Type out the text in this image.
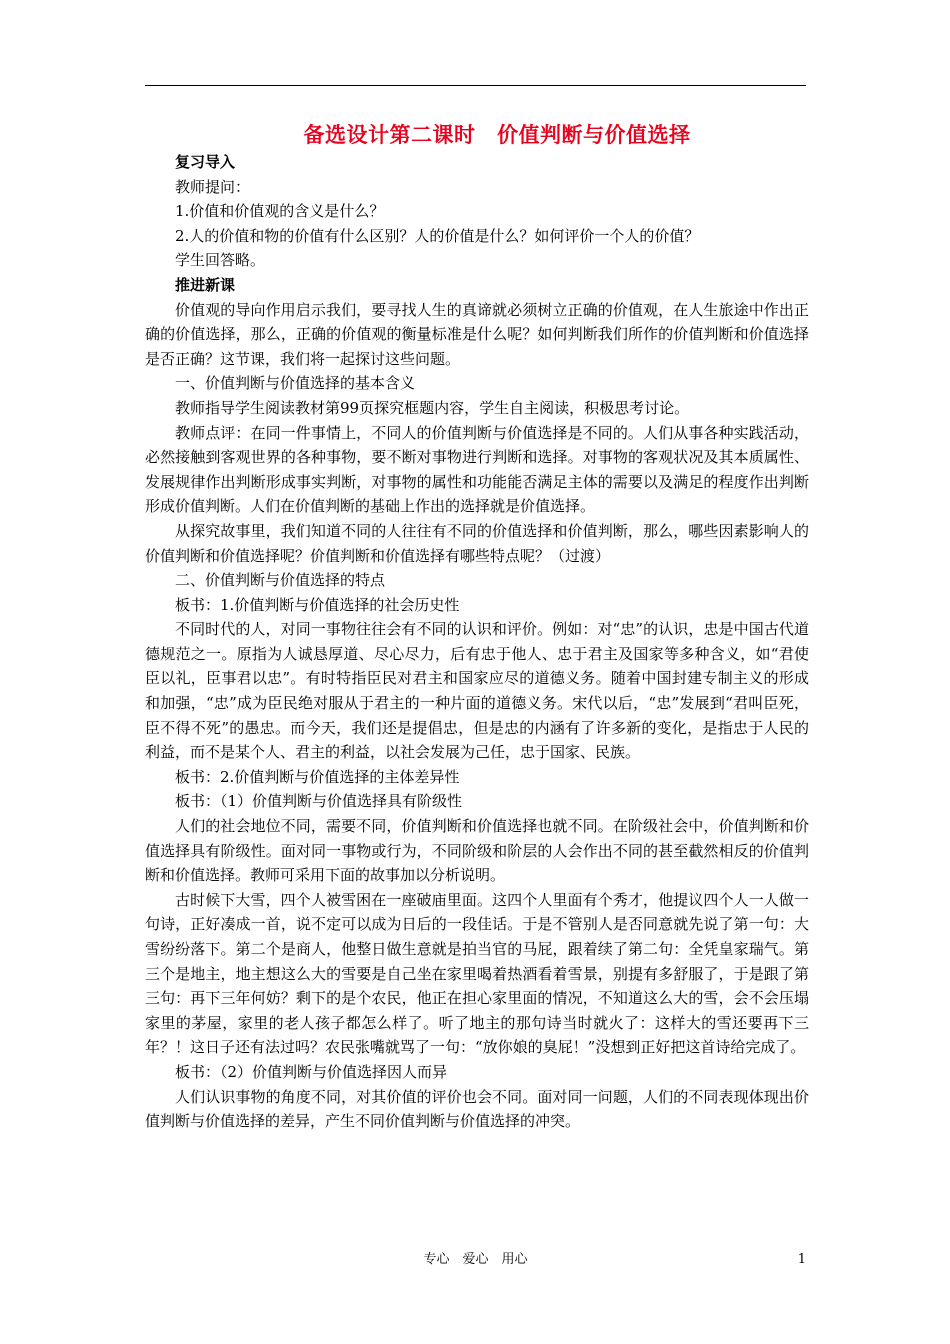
备选设计第二课时　价值判断与价值选择

复习导入

教师提问：

1.价值和价值观的含义是什么？

2.人的价值和物的价值有什么区别？人的价值是什么？如何评价一个人的价值？

学生回答略。

推进新课

价值观的导向作用启示我们，要寻找人生的真谛就必须树立正确的价值观，在人生旅途中作出正确的价值选择，那么，正确的价值观的衡量标准是什么呢？如何判断我们所作的价值判断和价值选择是否正确？这节课，我们将一起探讨这些问题。

一、价值判断与价值选择的基本含义

教师指导学生阅读教材第99页探究框题内容，学生自主阅读，积极思考讨论。

教师点评：在同一件事情上，不同人的价值判断与价值选择是不同的。人们从事各种实践活动，必然接触到客观世界的各种事物，要不断对事物进行判断和选择。对事物的客观状况及其本质属性、发展规律作出判断形成事实判断，对事物的属性和功能能否满足主体的需要以及满足的程度作出判断形成价值判断。人们在价值判断的基础上作出的选择就是价值选择。

从探究故事里，我们知道不同的人往往有不同的价值选择和价值判断，那么，哪些因素影响人的价值判断和价值选择呢？价值判断和价值选择有哪些特点呢？（过渡）

二、价值判断与价值选择的特点

板书：1.价值判断与价值选择的社会历史性

不同时代的人，对同一事物往往会有不同的认识和评价。例如：对“忠”的认识，忠是中国古代道德规范之一。原指为人诚恳厚道、尽心尽力，后有忠于他人、忠于君主及国家等多种含义，如“君使臣以礼，臣事君以忠”。有时特指臣民对君主和国家应尽的道德义务。随着中国封建专制主义的形成和加强，“忠”成为臣民绝对服从于君主的一种片面的道德义务。宋代以后，“忠”发展到“君叫臣死，臣不得不死”的愚忠。而今天，我们还是提倡忠，但是忠的内涵有了许多新的变化，是指忠于人民的利益，而不是某个人、君主的利益，以社会发展为己任，忠于国家、民族。

板书：2.价值判断与价值选择的主体差异性

板书：（1）价值判断与价值选择具有阶级性

人们的社会地位不同，需要不同，价值判断和价值选择也就不同。在阶级社会中，价值判断和价值选择具有阶级性。面对同一事物或行为，不同阶级和阶层的人会作出不同的甚至截然相反的价值判断和价值选择。教师可采用下面的故事加以分析说明。

古时候下大雪，四个人被雪困在一座破庙里面。这四个人里面有个秀才，他提议四个人一人做一句诗，正好凑成一首，说不定可以成为日后的一段佳话。于是不管别人是否同意就先说了第一句：大雪纷纷落下。第二个是商人，他整日做生意就是拍当官的马屁，跟着续了第二句：全凭皇家瑞气。第三个是地主，地主想这么大的雪要是自己坐在家里喝着热酒看着雪景，别提有多舒服了，于是跟了第三句：再下三年何妨？剩下的是个农民，他正在担心家里面的情况，不知道这么大的雪，会不会压塌家里的茅屋，家里的老人孩子都怎么样了。听了地主的那句诗当时就火了：这样大的雪还要再下三年？！这日子还有法过吗？农民张嘴就骂了一句：“放你娘的臭屁！”没想到正好把这首诗给完成了。

板书：（2）价值判断与价值选择因人而异

人们认识事物的角度不同，对其价值的评价也会不同。面对同一问题，人们的不同表现体现出价值判断与价值选择的差异，产生不同价值判断与价值选择的冲突。

专心　爱心　用心	1
